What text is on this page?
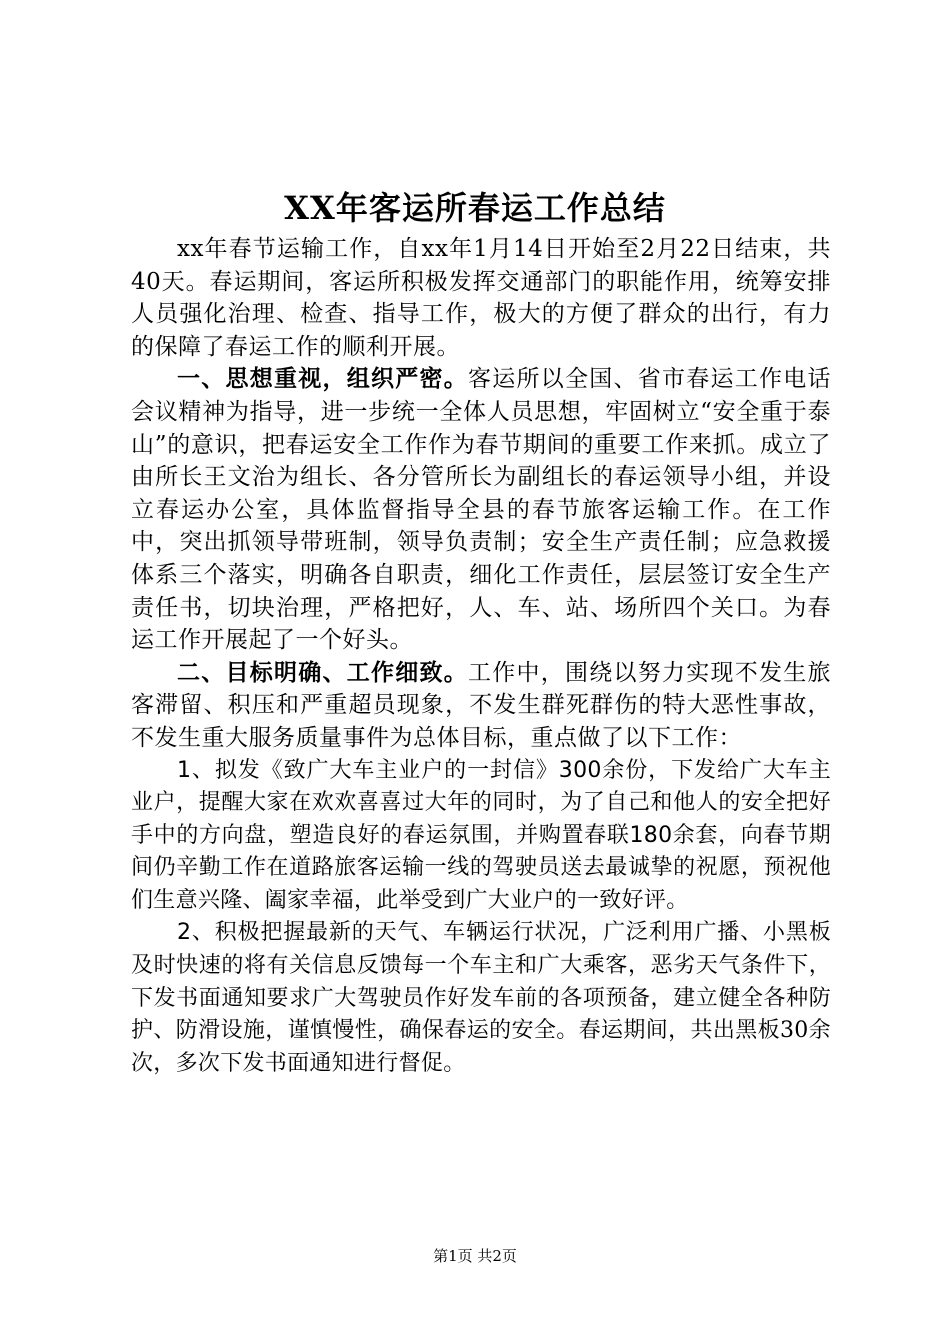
XX年客运所春运工作总结

xx年春节运输工作，自xx年1月14日开始至2月22日结束，共40天。春运期间，客运所积极发挥交通部门的职能作用，统筹安排人员强化治理、检查、指导工作，极大的方便了群众的出行，有力的保障了春运工作的顺利开展。

一、思想重视，组织严密。客运所以全国、省市春运工作电话会议精神为指导，进一步统一全体人员思想，牢固树立“安全重于泰山”的意识，把春运安全工作作为春节期间的重要工作来抓。成立了由所长王文治为组长、各分管所长为副组长的春运领导小组，并设立春运办公室，具体监督指导全县的春节旅客运输工作。在工作中，突出抓领导带班制，领导负责制；安全生产责任制；应急救援体系三个落实，明确各自职责，细化工作责任，层层签订安全生产责任书，切块治理，严格把好，人、车、站、场所四个关口。为春运工作开展起了一个好头。

二、目标明确、工作细致。工作中，围绕以努力实现不发生旅客滞留、积压和严重超员现象，不发生群死群伤的特大恶性事故，不发生重大服务质量事件为总体目标，重点做了以下工作：

1、拟发《致广大车主业户的一封信》300余份，下发给广大车主业户，提醒大家在欢欢喜喜过大年的同时，为了自己和他人的安全把好手中的方向盘，塑造良好的春运氛围，并购置春联180余套，向春节期间仍辛勤工作在道路旅客运输一线的驾驶员送去最诚挚的祝愿，预祝他们生意兴隆、阖家幸福，此举受到广大业户的一致好评。

2、积极把握最新的天气、车辆运行状况，广泛利用广播、小黑板及时快速的将有关信息反馈每一个车主和广大乘客，恶劣天气条件下，下发书面通知要求广大驾驶员作好发车前的各项预备，建立健全各种防护、防滑设施，谨慎慢性，确保春运的安全。春运期间，共出黑板30余次，多次下发书面通知进行督促。

第1页 共2页
